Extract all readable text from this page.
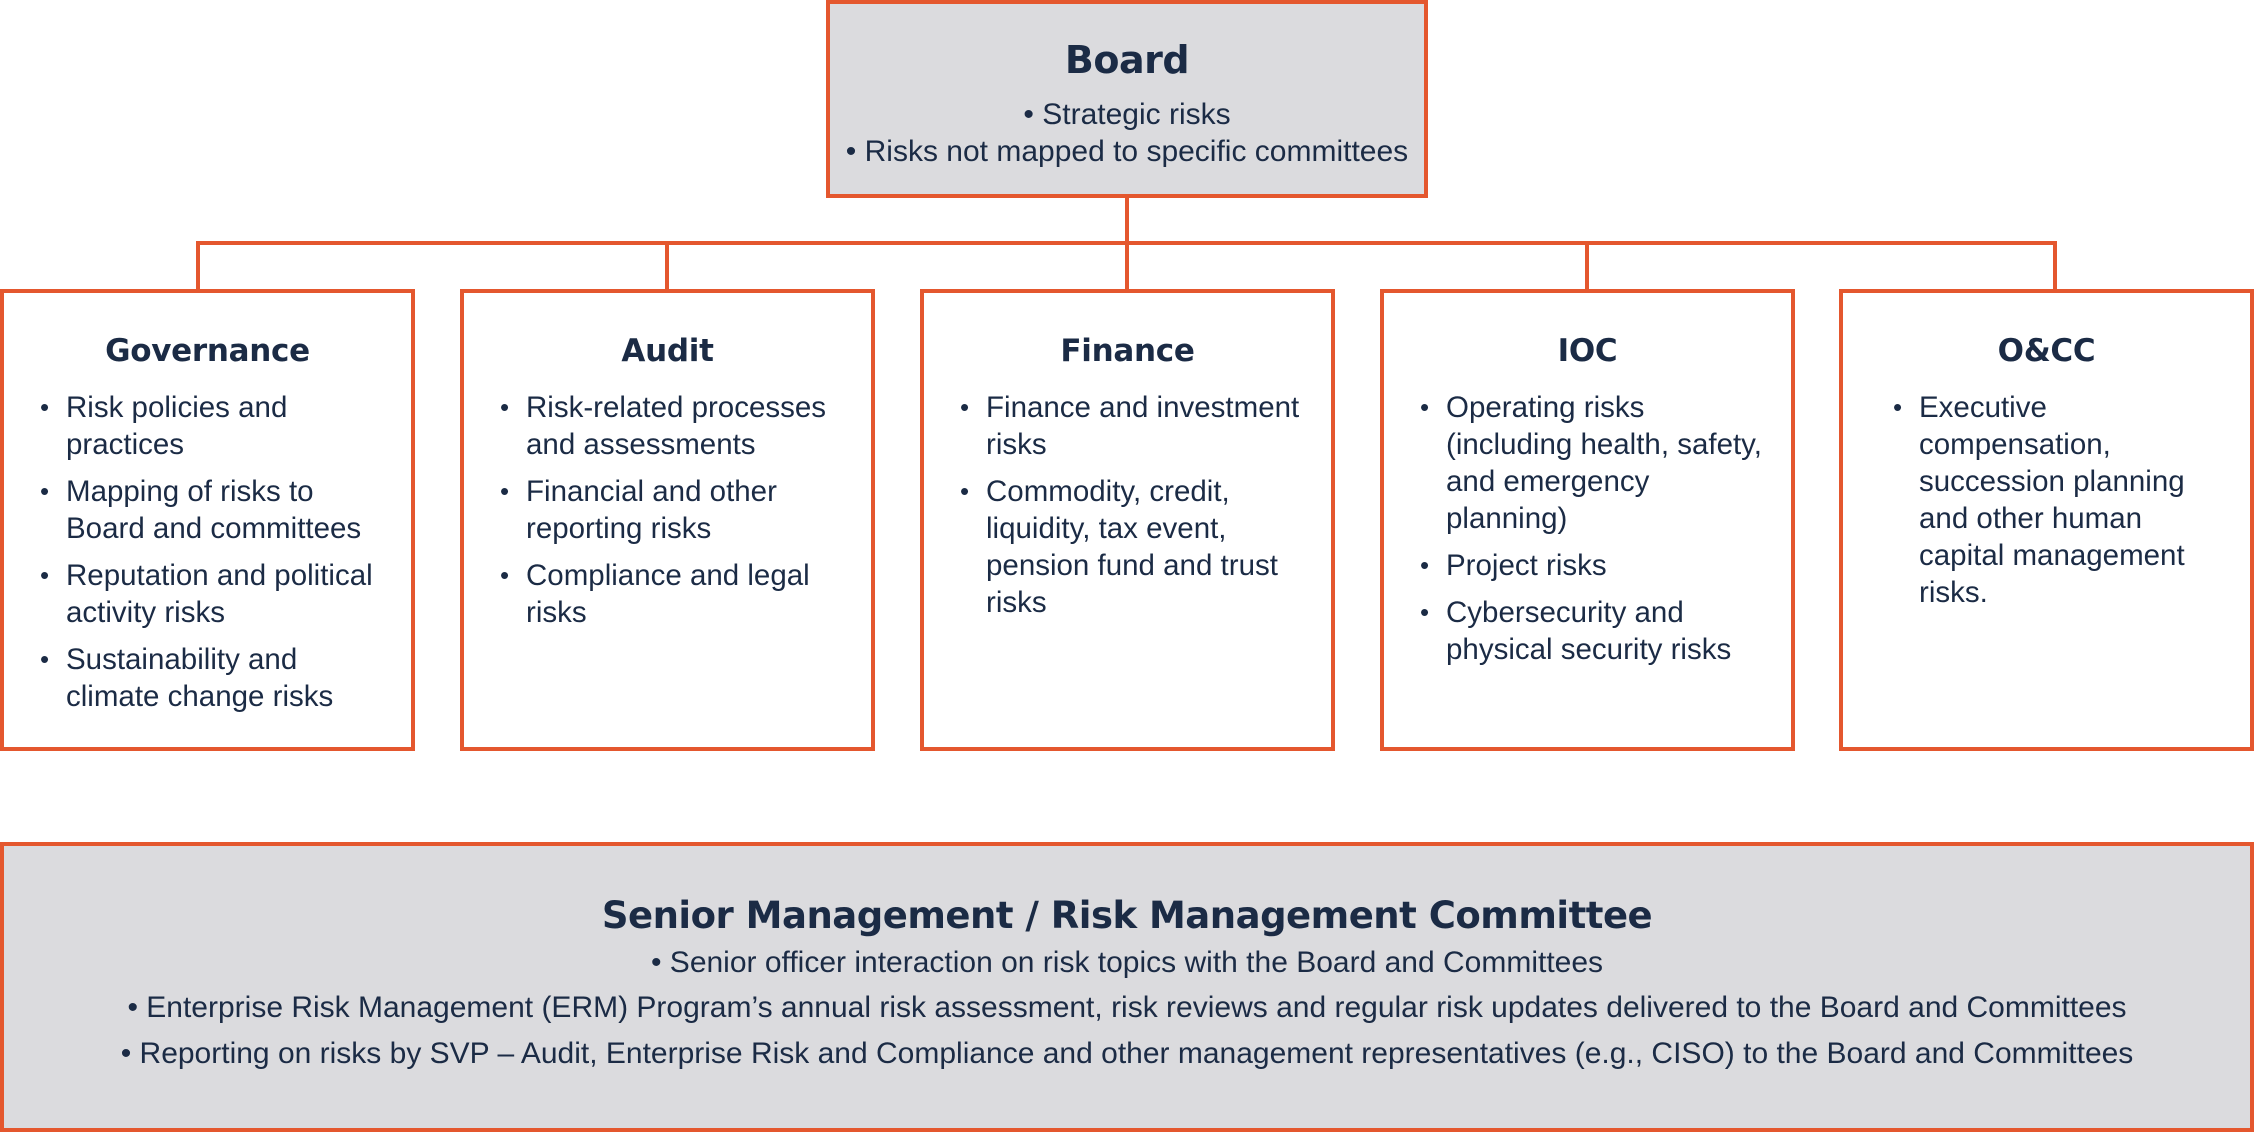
Board
• Strategic risks
• Risks not mapped to specific committees
Governance
• Risk policies and practices
• Mapping of risks to Board and committees
• Reputation and political activity risks
• Sustainability and climate change risks
Audit
• Risk-related processes and assessments
• Financial and other reporting risks
• Compliance and legal risks
Finance
• Finance and investment risks
• Commodity, credit, liquidity, tax event, pension fund and trust risks
IOC
• Operating risks (including health, safety, and emergency planning)
• Project risks
• Cybersecurity and physical security risks
O&CC
• Executive compensation, succession planning and other human capital management risks.
Senior Management / Risk Management Committee
• Senior officer interaction on risk topics with the Board and Committees
• Enterprise Risk Management (ERM) Program’s annual risk assessment, risk reviews and regular risk updates delivered to the Board and Committees
• Reporting on risks by SVP – Audit, Enterprise Risk and Compliance and other management representatives (e.g., CISO) to the Board and Committees
